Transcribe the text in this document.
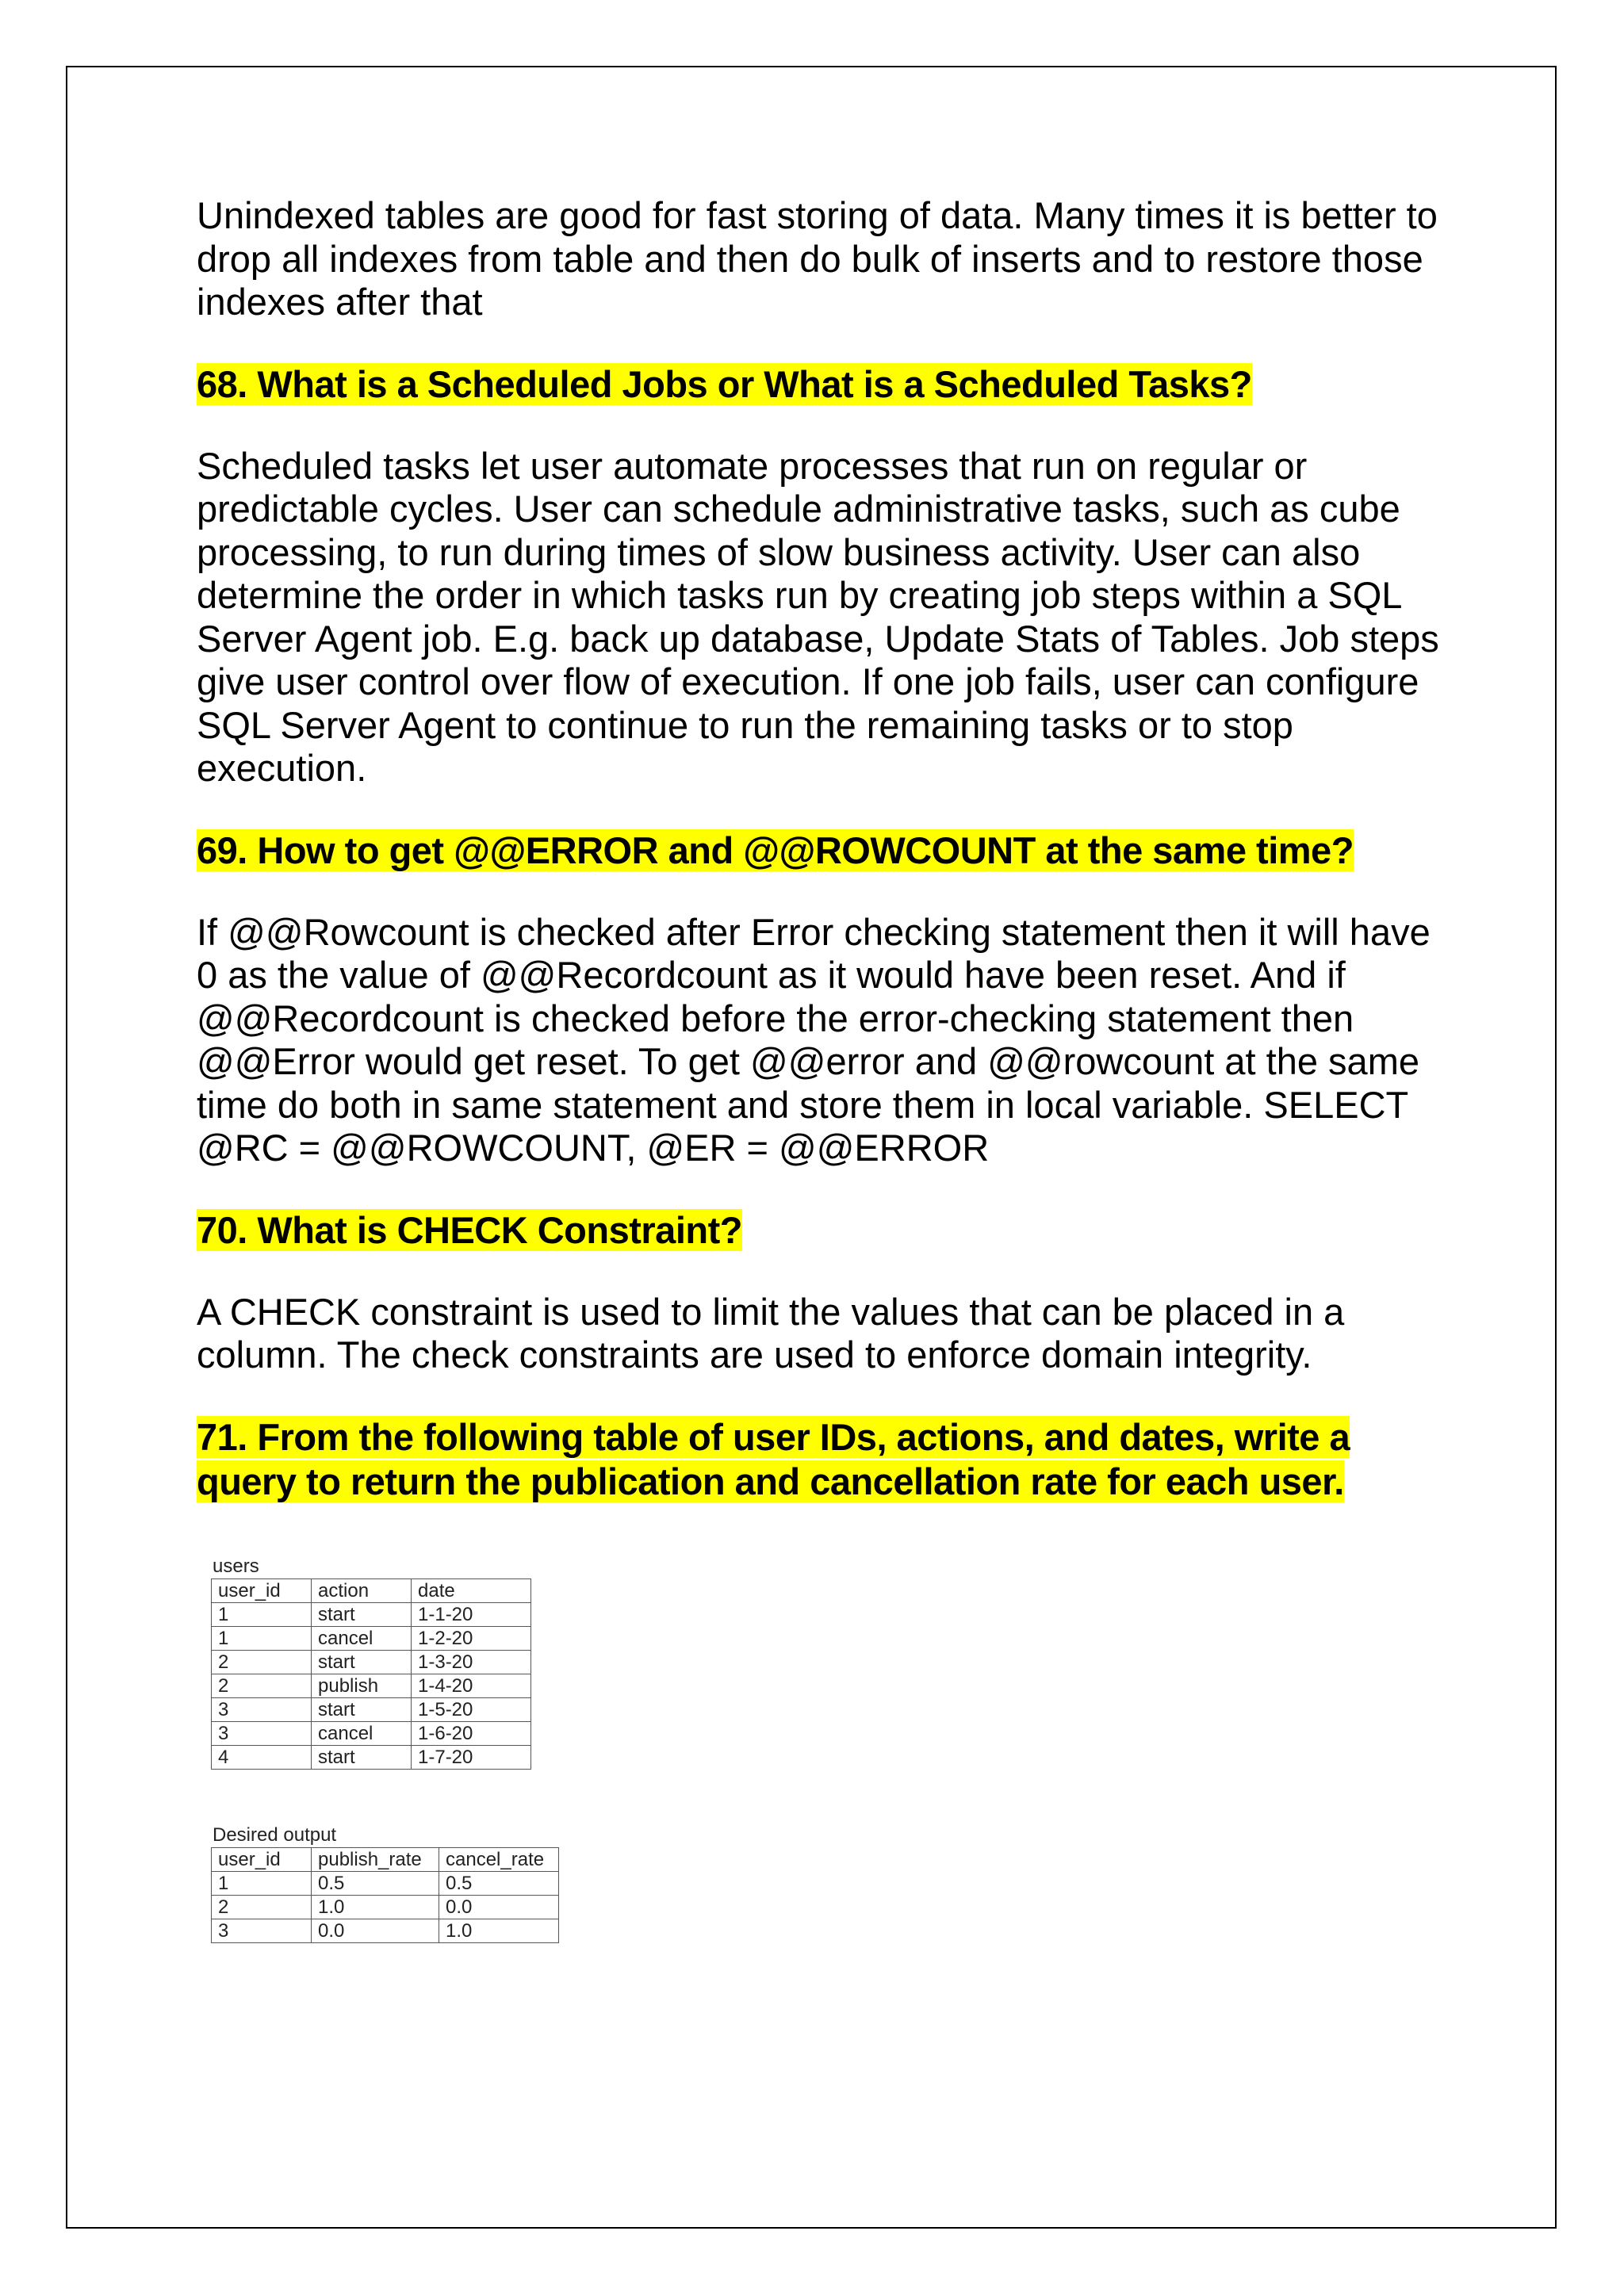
Unindexed tables are good for fast storing of data. Many times it is better to drop all indexes from table and then do bulk of inserts and to restore those indexes after that

68. What is a Scheduled Jobs or What is a Scheduled Tasks?

Scheduled tasks let user automate processes that run on regular or predictable cycles. User can schedule administrative tasks, such as cube processing, to run during times of slow business activity. User can also determine the order in which tasks run by creating job steps within a SQL Server Agent job. E.g. back up database, Update Stats of Tables. Job steps give user control over flow of execution. If one job fails, user can configure SQL Server Agent to continue to run the remaining tasks or to stop execution.

69. How to get @@ERROR and @@ROWCOUNT at the same time?

If @@Rowcount is checked after Error checking statement then it will have 0 as the value of @@Recordcount as it would have been reset. And if @@Recordcount is checked before the error-checking statement then @@Error would get reset. To get @@error and @@rowcount at the same time do both in same statement and store them in local variable. SELECT @RC = @@ROWCOUNT, @ER = @@ERROR

70. What is CHECK Constraint?

A CHECK constraint is used to limit the values that can be placed in a column. The check constraints are used to enforce domain integrity.

71. From the following table of user IDs, actions, and dates, write a query to return the publication and cancellation rate for each user.

users
user_id	action	date
1	start	1-1-20
1	cancel	1-2-20
2	start	1-3-20
2	publish	1-4-20
3	start	1-5-20
3	cancel	1-6-20
4	start	1-7-20
Desired output
user_id	publish_rate	cancel_rate
1	0.5	0.5
2	1.0	0.0
3	0.0	1.0
